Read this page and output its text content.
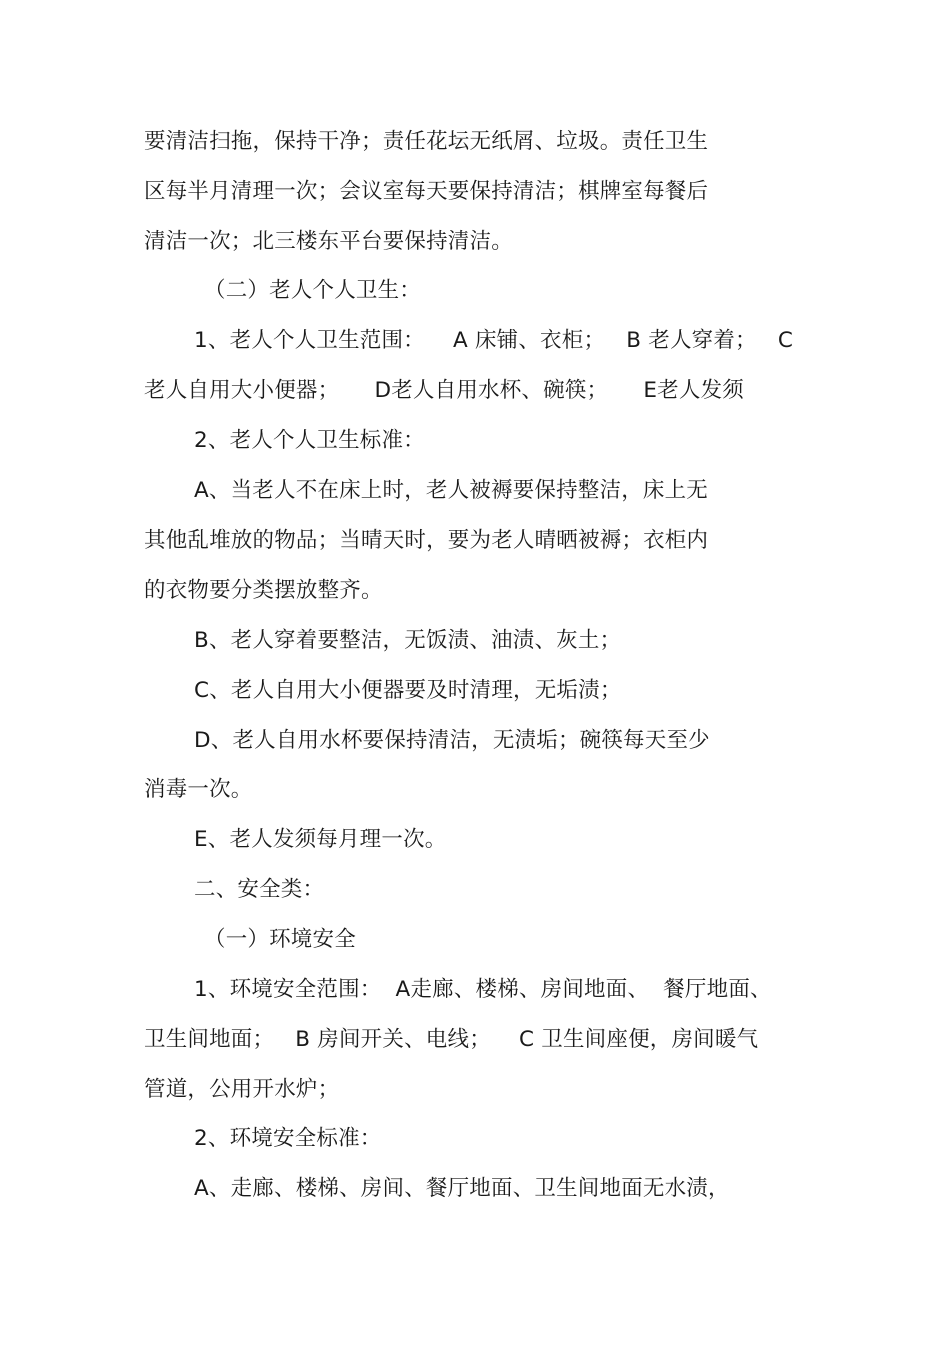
要清洁扫拖，保持干净；责任花坛无纸屑、垃圾。责任卫生
区每半月清理一次；会议室每天要保持清洁；棋牌室每餐后
清洁一次；北三楼东平台要保持清洁。
（二）老人个人卫生：
1、老人个人卫生范围：    A 床铺、衣柜；   B 老人穿着；   C
老人自用大小便器；     D老人自用水杯、碗筷；     E老人发须
2、老人个人卫生标准：
A、当老人不在床上时，老人被褥要保持整洁，床上无
其他乱堆放的物品；当晴天时，要为老人晴晒被褥；衣柜内
的衣物要分类摆放整齐。
B、老人穿着要整洁，无饭渍、油渍、灰土；
C、老人自用大小便器要及时清理，无垢渍；
D、老人自用水杯要保持清洁，无渍垢；碗筷每天至少
消毒一次。
E、老人发须每月理一次。
二、安全类：
（一）环境安全
1、环境安全范围：  A走廊、楼梯、房间地面、  餐厅地面、
卫生间地面；   B 房间开关、电线；    C 卫生间座便，房间暖气
管道，公用开水炉；
2、环境安全标准：
A、走廊、楼梯、房间、餐厅地面、卫生间地面无水渍，
